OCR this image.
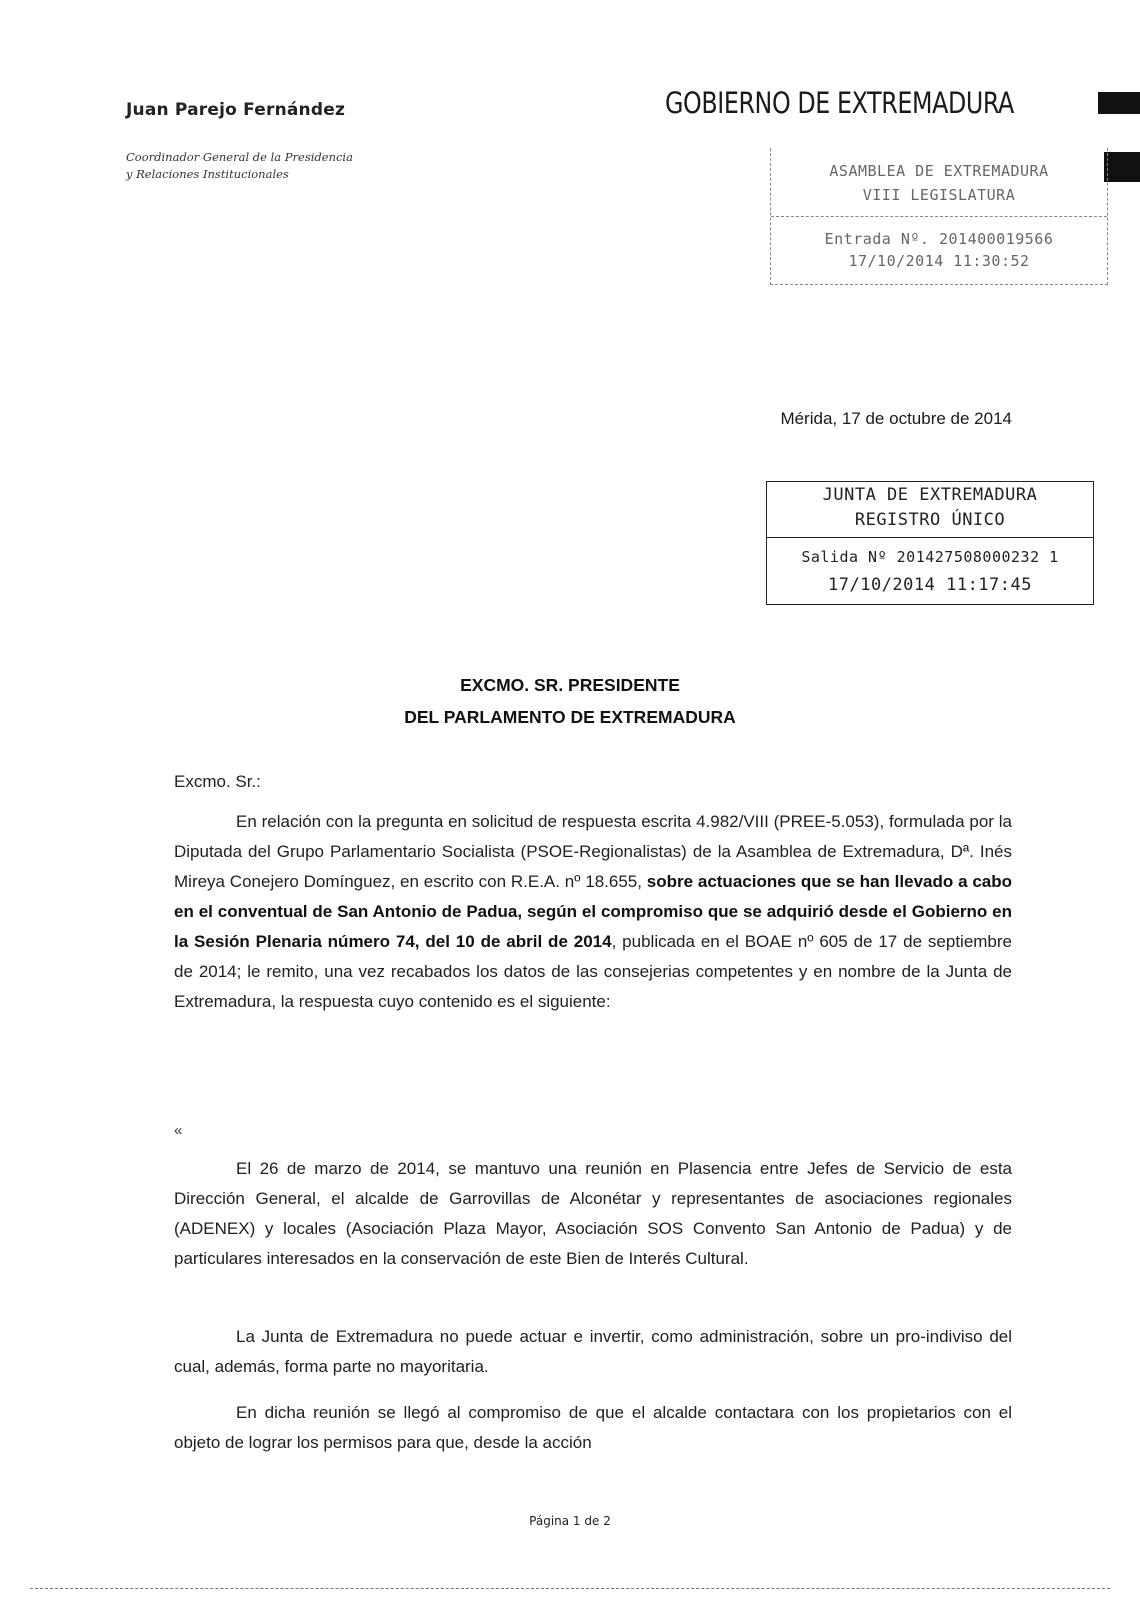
Juan Parejo Fernández
Coordinador General de la Presidencia
y Relaciones Institucionales
GOBIERNO DE EXTREMADURA
ASAMBLEA DE EXTREMADURA
VIII LEGISLATURA
Entrada Nº. 201400019566
17/10/2014 11:30:52
Mérida, 17 de octubre de 2014
JUNTA DE EXTREMADURA
REGISTRO ÚNICO
Salida Nº 201427508000232 1
17/10/2014 11:17:45
EXCMO. SR. PRESIDENTE
DEL PARLAMENTO DE EXTREMADURA
Excmo. Sr.:
En relación con la pregunta en solicitud de respuesta escrita 4.982/VIII (PREE-5.053), formulada por la Diputada del Grupo Parlamentario Socialista (PSOE-Regionalistas) de la Asamblea de Extremadura, Dª. Inés Mireya Conejero Domínguez, en escrito con R.E.A. nº 18.655, sobre actuaciones que se han llevado a cabo en el conventual de San Antonio de Padua, según el compromiso que se adquirió desde el Gobierno en la Sesión Plenaria número 74, del 10 de abril de 2014, publicada en el BOAE nº 605 de 17 de septiembre de 2014; le remito, una vez recabados los datos de las consejerias competentes y en nombre de la Junta de Extremadura, la respuesta cuyo contenido es el siguiente:
«
El 26 de marzo de 2014, se mantuvo una reunión en Plasencia entre Jefes de Servicio de esta Dirección General, el alcalde de Garrovillas de Alconétar y representantes de asociaciones regionales (ADENEX) y locales (Asociación Plaza Mayor, Asociación SOS Convento San Antonio de Padua) y de particulares interesados en la conservación de este Bien de Interés Cultural.
La Junta de Extremadura no puede actuar e invertir, como administración, sobre un pro-indiviso del cual, además, forma parte no mayoritaria.
En dicha reunión se llegó al compromiso de que el alcalde contactara con los propietarios con el objeto de lograr los permisos para que, desde la acción
Página 1 de 2
